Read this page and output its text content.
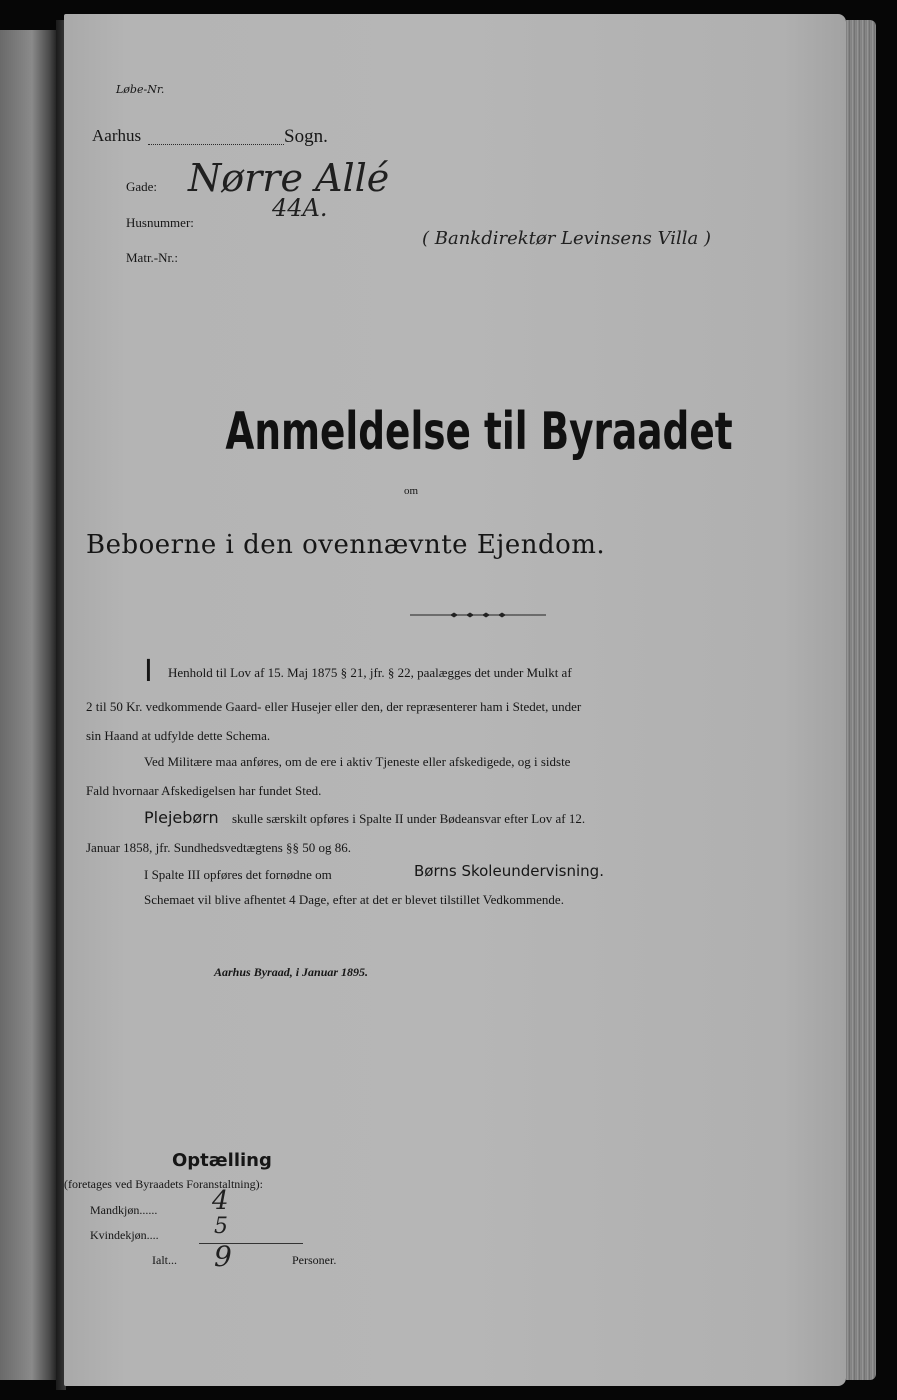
Løbe-Nr.
Aarhus	Sogn.
Gade: Nørre Allé
Husnummer:
44A.
Matr.-Nr.:
( Bankdirektør Levinsens Villa )
Anmeldelse til Byraadet
om
Beboerne i den ovennævnte Ejendom.
I Henhold til Lov af 15. Maj 1875 § 21, jfr. § 22, paalægges det under Mulkt af
2 til 50 Kr. vedkommende Gaard- eller Husejer eller den, der repræsenterer ham i Stedet, under
sin Haand at udfylde dette Schema.
Ved Militære maa anføres, om de ere i aktiv Tjeneste eller afskedigede, og i sidste
Fald hvornaar Afskedigelsen har fundet Sted.
Plejebørn skulle særskilt opføres i Spalte II under Bødeansvar efter Lov af 12.
Januar 1858, jfr. Sundhedsvedtægtens §§ 50 og 86.
I Spalte III opføres det fornødne om	Børns Skoleundervisning.
Schemaet vil blive afhentet 4 Dage, efter at det er blevet tilstillet Vedkommende.
Aarhus Byraad, i Januar 1895.
Optælling
(foretages ved Byraadets Foranstaltning):
Mandkjøn...... 4
Kvindekjøn....	5
Ialt... 9	Personer.
